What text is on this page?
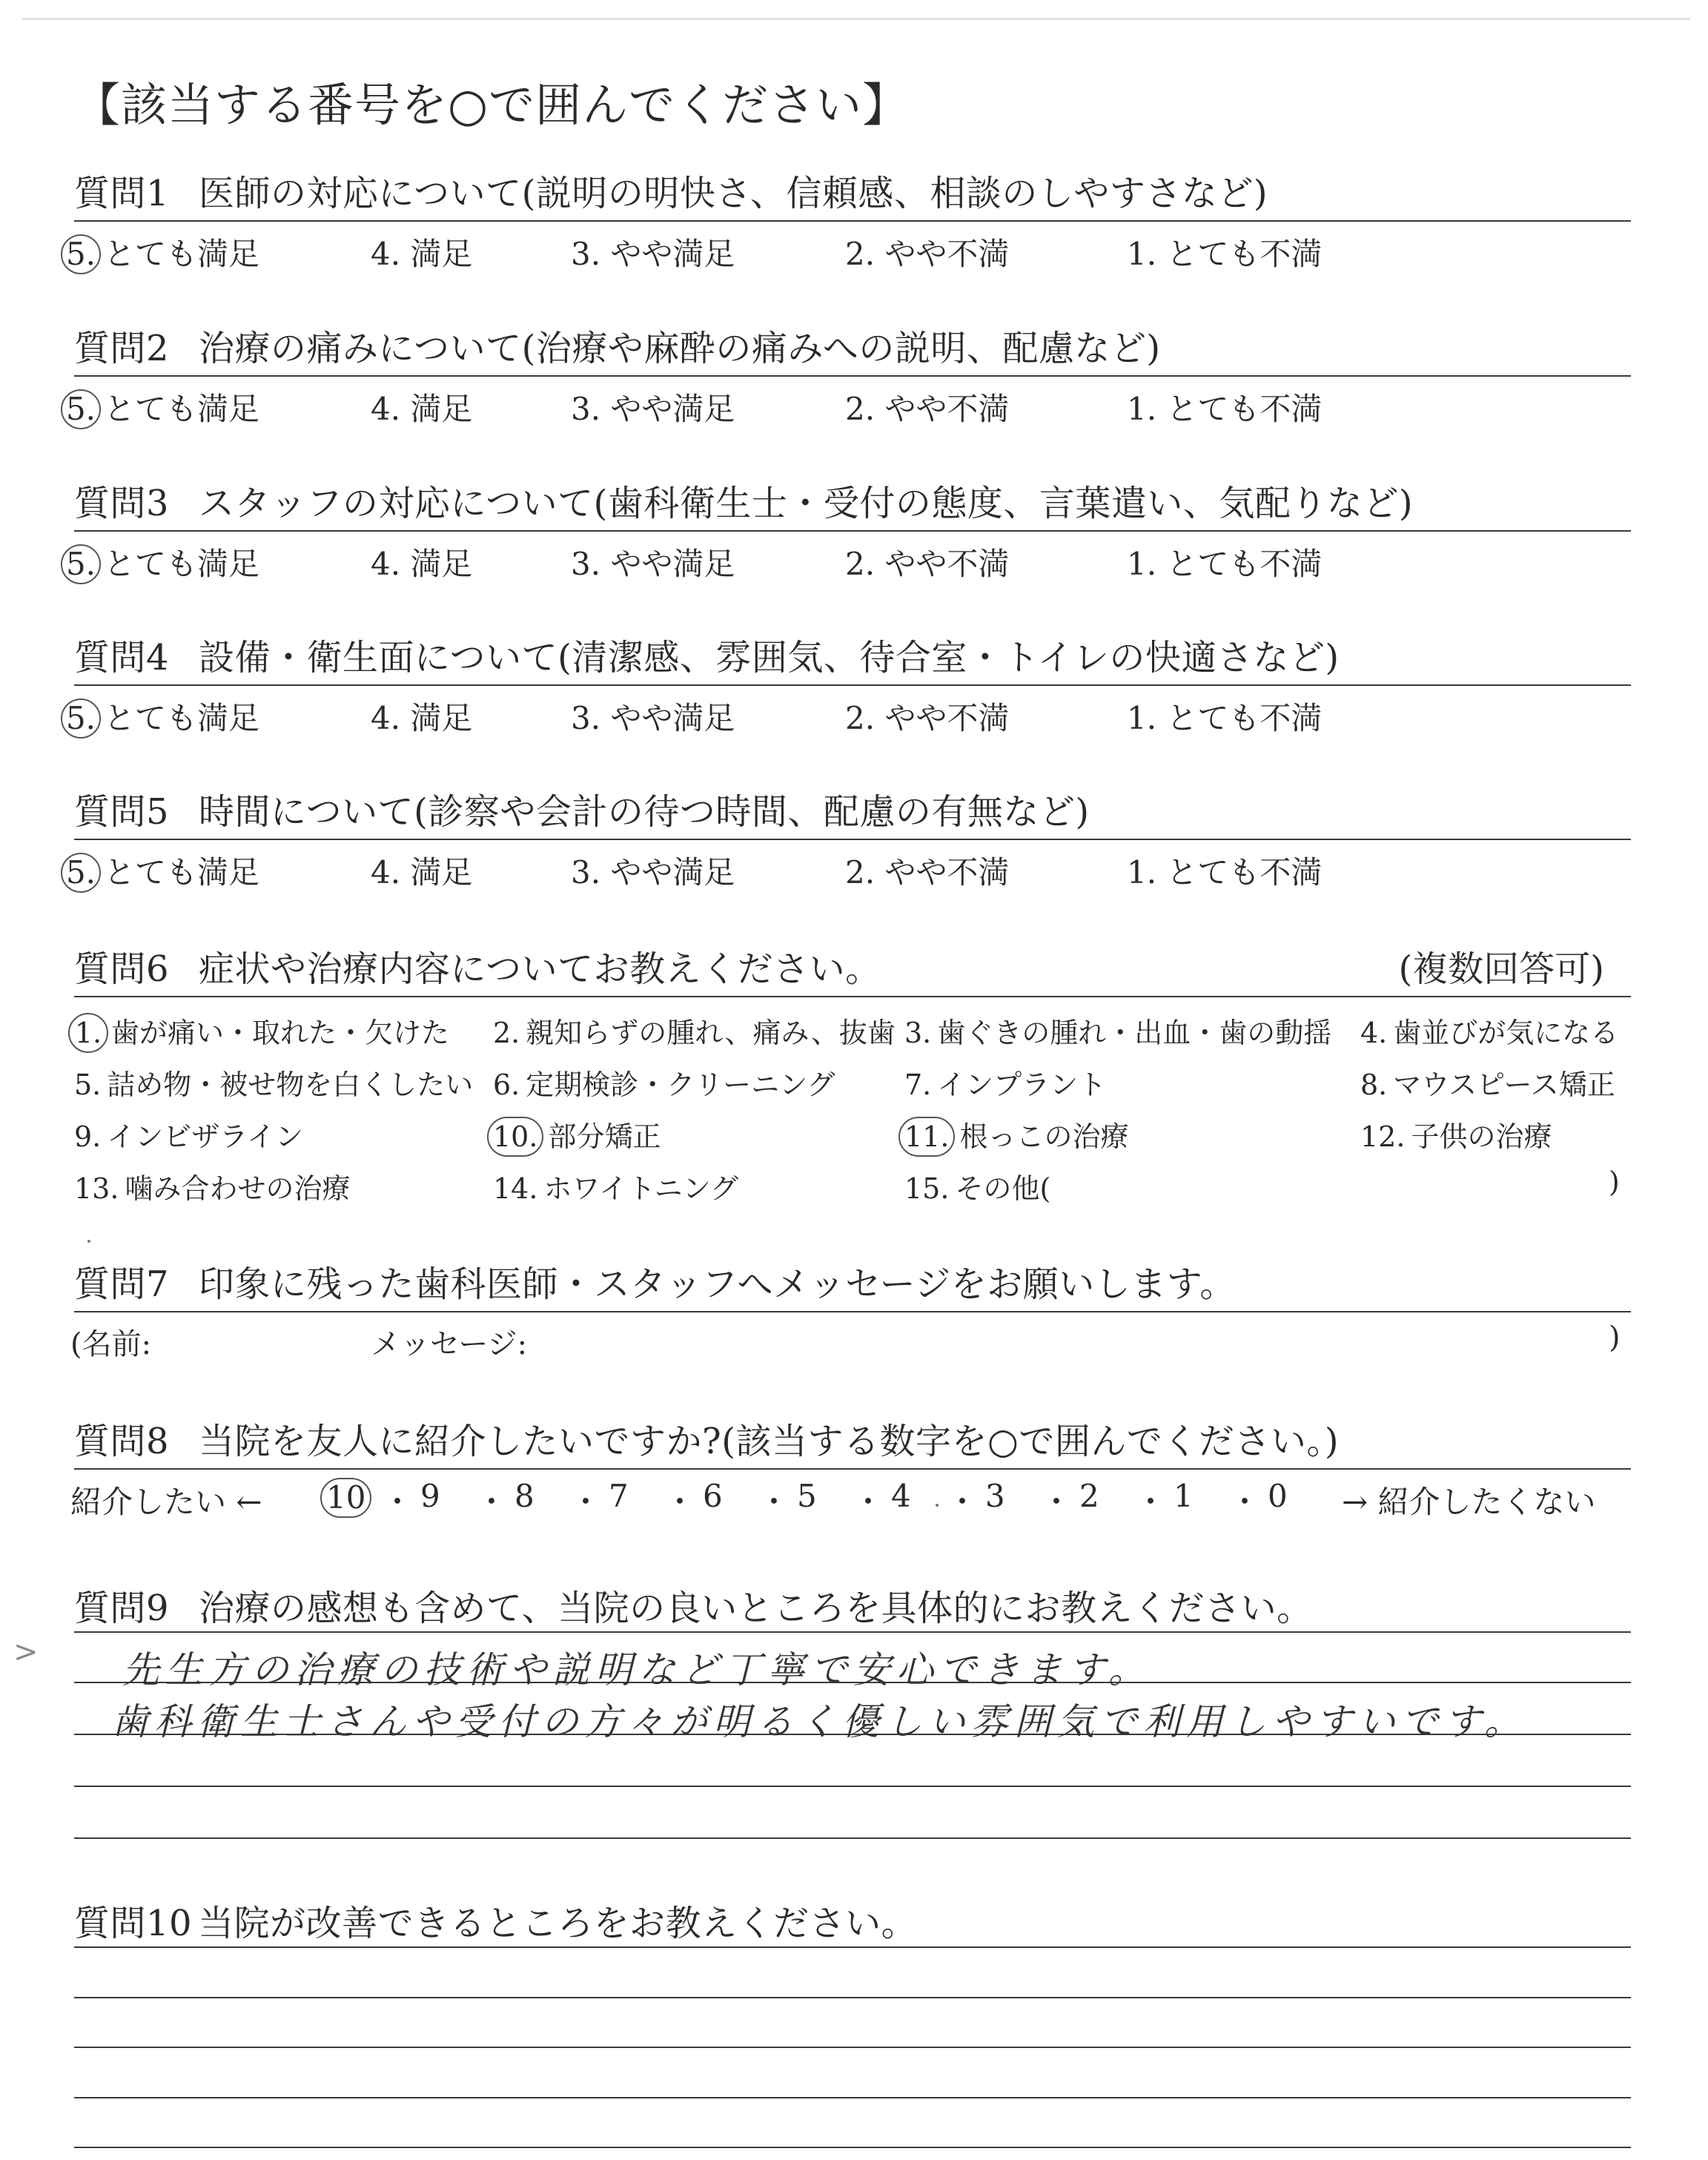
【該当する番号を○で囲んでください】
質問1 医師の対応について(説明の明快さ、信頼感、相談のしやすさなど)
5. とても満足	4. 満足	3. やや満足	2. やや不満	1. とても不満
質問2 治療の痛みについて(治療や麻酔の痛みへの説明、配慮など)
5. とても満足	4. 満足	3. やや満足	2. やや不満	1. とても不満
質問3 スタッフの対応について(歯科衛生士・受付の態度、言葉遣い、気配りなど)
5. とても満足	4. 満足	3. やや満足	2. やや不満	1. とても不満
質問4 設備・衛生面について(清潔感、雰囲気、待合室・トイレの快適さなど)
5. とても満足	4. 満足	3. やや満足	2. やや不満	1. とても不満
質問5 時間について(診察や会計の待つ時間、配慮の有無など)
5. とても満足	4. 満足	3. やや満足	2. やや不満	1. とても不満
質問6 症状や治療内容についてお教えください。	(複数回答可)
1. 歯が痛い・取れた・欠けた 2. 親知らずの腫れ、痛み、抜歯 3. 歯ぐきの腫れ・出血・歯の動揺 4. 歯並びが気になる
5. 詰め物・被せ物を白くしたい 6. 定期検診・クリーニング 7. インプラント	8. マウスピース矯正
9. インビザライン	10. 部分矯正	11. 根っこの治療	12. 子供の治療
13. 噛み合わせの治療	14. ホワイトニング	15. その他(	)
質問7 印象に残った歯科医師・スタッフへメッセージをお願いします。
(名前:	メッセージ:	)
質問8 当院を友人に紹介したいですか?(該当する数字を○で囲んでください。)
紹介したい ←	→ 紹介したくない
10 ・ 9 ・ 8 ・ 7 ・ 6 ・ 5 ・ 4 ・ 3 ・ 2 ・ 1 ・ 0
質問9 治療の感想も含めて、当院の良いところを具体的にお教えください。
先生方の治療の技術や説明など丁寧で安心できます。
歯科衛生士さんや受付の方々が明るく優しい雰囲気で利用しやすいです。
質問10 当院が改善できるところをお教えください。
>
